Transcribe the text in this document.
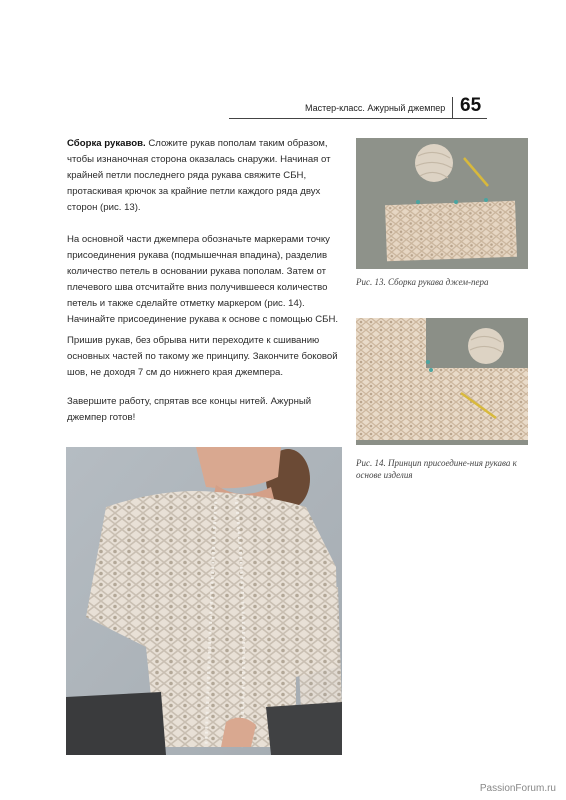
Мастер-класс. Ажурный джемпер 65
Сборка рукавов. Сложите рукав пополам таким образом, чтобы изнаночная сторона оказалась снаружи. Начиная от крайней петли последнего ряда рукава свяжите СБН, протаскивая крючок за крайние петли каждого ряда двух сторон (рис. 13).
На основной части джемпера обозначьте маркерами точку присоединения рукава (подмышечная впадина), разделив количество петель в основании рукава пополам. Затем от плечевого шва отсчитайте вниз получившееся количество петель и также сделайте отметку маркером (рис. 14). Начинайте присоединение рукава к основе с помощью СБН.
Пришив рукав, без обрыва нити переходите к сшиванию основных частей по такому же принципу. Закончите боковой шов, не доходя 7 см до нижнего края джемпера.
Завершите работу, спрятав все концы нитей. Ажурный джемпер готов!
Рис. 13. Сборка рукава джем-пера
Рис. 14. Принцип присоедине-ния рукава к основе изделия
PassionForum.ru
